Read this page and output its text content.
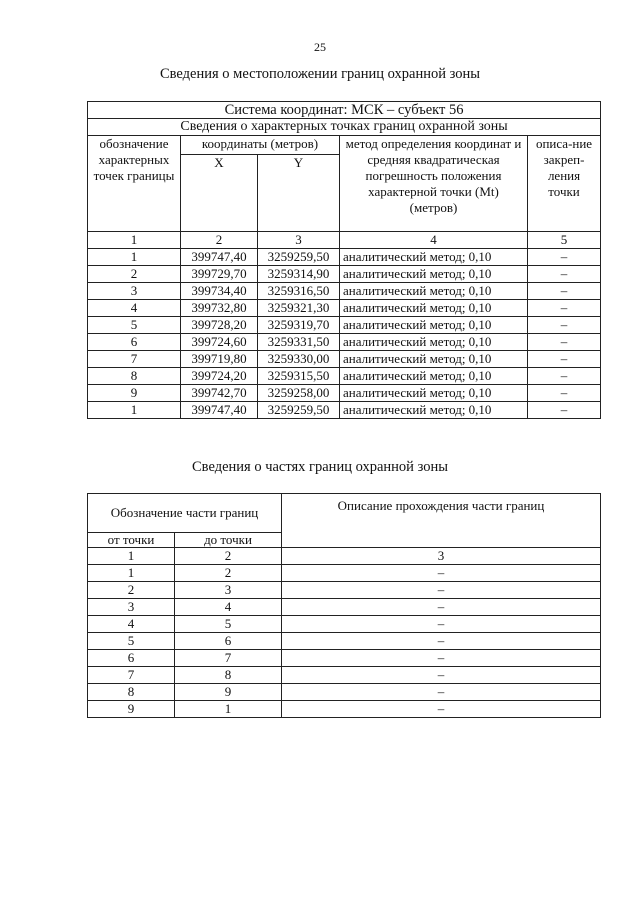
25
Сведения о местоположении границ охранной зоны
Система координат: МСК – субъект 56				
Сведения о характерных точках границ охранной зоны				
обозначение характерных точек границы	координаты (метров)		метод определения координат и средняя квадратическая погрешность положения характерной точки (Mt) (метров)	описа-ние закреп-ления точки
	X	Y		
1	2	3	4	5
1	399747,40	3259259,50	аналитический метод; 0,10	–
2	399729,70	3259314,90	аналитический метод; 0,10	–
3	399734,40	3259316,50	аналитический метод; 0,10	–
4	399732,80	3259321,30	аналитический метод; 0,10	–
5	399728,20	3259319,70	аналитический метод; 0,10	–
6	399724,60	3259331,50	аналитический метод; 0,10	–
7	399719,80	3259330,00	аналитический метод; 0,10	–
8	399724,20	3259315,50	аналитический метод; 0,10	–
9	399742,70	3259258,00	аналитический метод; 0,10	–
1	399747,40	3259259,50	аналитический метод; 0,10	–
Сведения о частях границ охранной зоны
Обозначение части границ		Описание прохождения части границ
от точки	до точки	
1	2	3
1	2	–
2	3	–
3	4	–
4	5	–
5	6	–
6	7	–
7	8	–
8	9	–
9	1	–
